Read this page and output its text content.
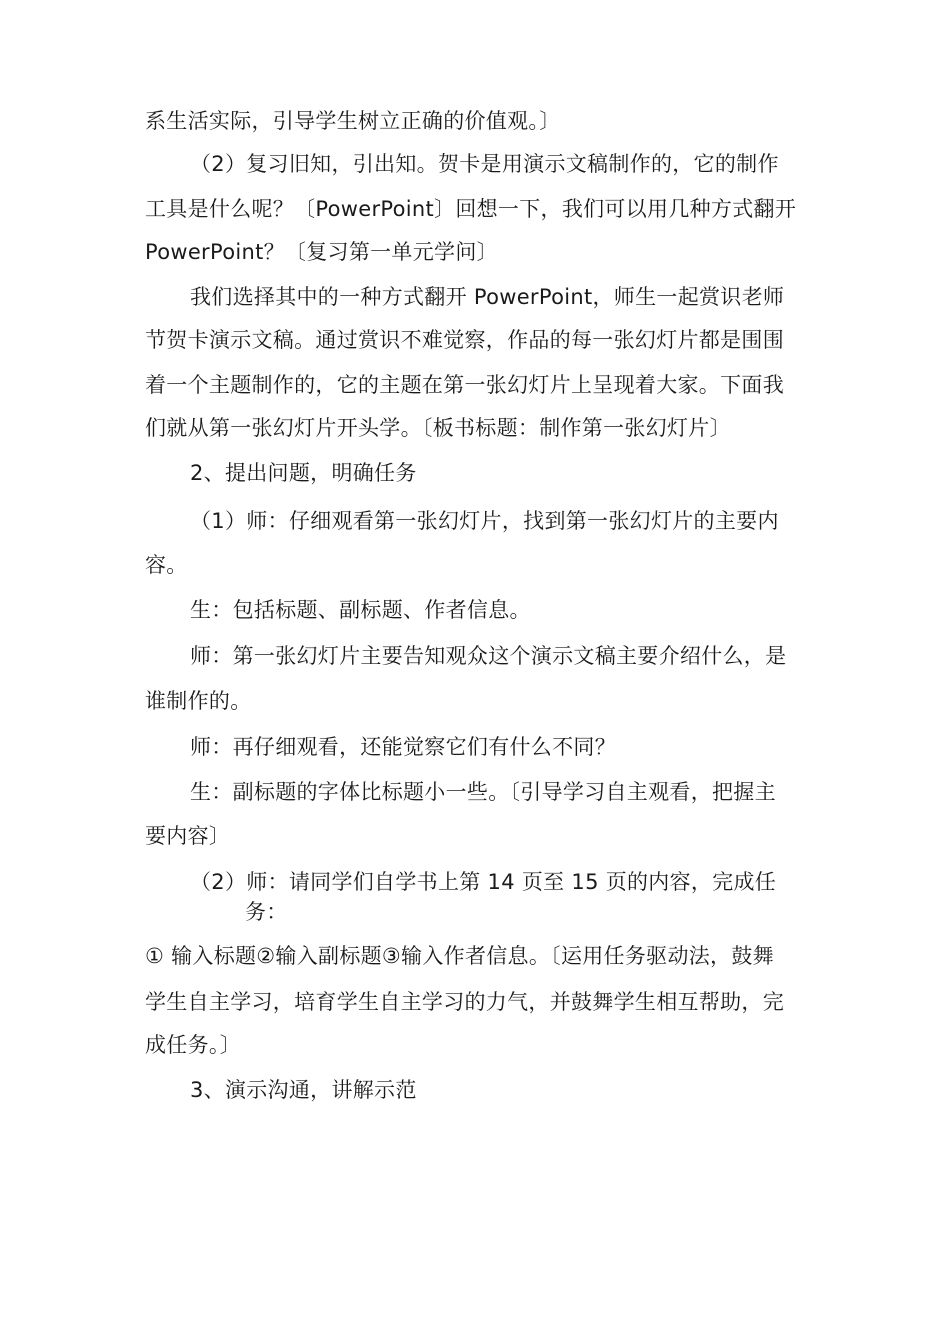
系生活实际，引导学生树立正确的价值观。〕
（2）复习旧知，引出知。贺卡是用演示文稿制作的，它的制作
工具是什么呢？〔PowerPoint〕回想一下，我们可以用几种方式翻开
PowerPoint？〔复习第一单元学问〕
我们选择其中的一种方式翻开 PowerPoint，师生一起赏识老师
节贺卡演示文稿。通过赏识不难觉察，作品的每一张幻灯片都是围围
着一个主题制作的，它的主题在第一张幻灯片上呈现着大家。下面我
们就从第一张幻灯片开头学。〔板书标题：制作第一张幻灯片〕
2、提出问题，明确任务
（1）师：仔细观看第一张幻灯片，找到第一张幻灯片的主要内
容。
生：包括标题、副标题、作者信息。
师：第一张幻灯片主要告知观众这个演示文稿主要介绍什么，是
谁制作的。
师：再仔细观看，还能觉察它们有什么不同？
生：副标题的字体比标题小一些。〔引导学习自主观看，把握主
要内容〕
（2）师：请同学们自学书上第 14 页至 15 页的内容，完成任
务：
① 输入标题②输入副标题③输入作者信息。〔运用任务驱动法，鼓舞
学生自主学习，培育学生自主学习的力气，并鼓舞学生相互帮助，完
成任务。〕
3、演示沟通，讲解示范
